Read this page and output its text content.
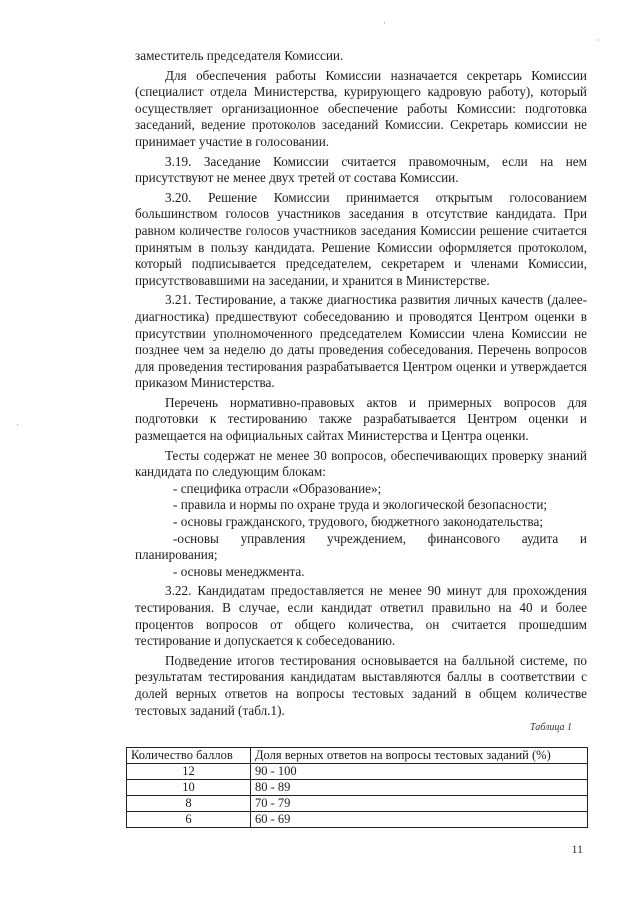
·
·
·

заместитель председателя Комиссии.

Для обеспечения работы Комиссии назначается секретарь Комиссии (специалист отдела Министерства, курирующего кадровую работу), который осуществляет организационное обеспечение работы Комиссии: подготовка заседаний, ведение протоколов заседаний Комиссии. Секретарь комиссии не принимает участие в голосовании.

3.19. Заседание Комиссии считается правомочным, если на нем присутствуют не менее двух третей от состава Комиссии.

3.20. Решение Комиссии принимается открытым голосованием большинством голосов участников заседания в отсутствие кандидата. При равном количестве голосов участников заседания Комиссии решение считается принятым в пользу кандидата. Решение Комиссии оформляется протоколом, который подписывается председателем, секретарем и членами Комиссии, присутствовавшими на заседании, и хранится в Министерстве.

3.21. Тестирование, а также диагностика развития личных качеств (далее-диагностика) предшествуют собеседованию и проводятся Центром оценки в присутствии уполномоченного председателем Комиссии члена Комиссии не позднее чем за неделю до даты проведения собеседования. Перечень вопросов для проведения тестирования разрабатывается Центром оценки и утверждается приказом Министерства.

Перечень нормативно-правовых актов и примерных вопросов для подготовки к тестированию также разрабатывается Центром оценки и размещается на официальных сайтах Министерства и Центра оценки.

Тесты содержат не менее 30 вопросов, обеспечивающих проверку знаний кандидата по следующим блокам:

- специфика отрасли «Образование»;

- правила и нормы по охране труда и экологической безопасности;

- основы гражданского, трудового, бюджетного законодательства;

-основы управления учреждением, финансового аудита и

планирования;

- основы менеджмента.

3.22. Кандидатам предоставляется не менее 90 минут для прохождения тестирования. В случае, если кандидат ответил правильно на 40 и более процентов вопросов от общего количества, он считается прошедшим тестирование и допускается к собеседованию.

Подведение итогов тестирования основывается на балльной системе, по результатам тестирования кандидатам выставляются баллы в соответствии с долей верных ответов на вопросы тестовых заданий в общем количестве тестовых заданий (табл.1).

Таблица 1
Количество баллов	Доля верных ответов на вопросы тестовых заданий (%)
12	90 - 100
10	80 - 89
8	70 - 79
6	60 - 69
11
